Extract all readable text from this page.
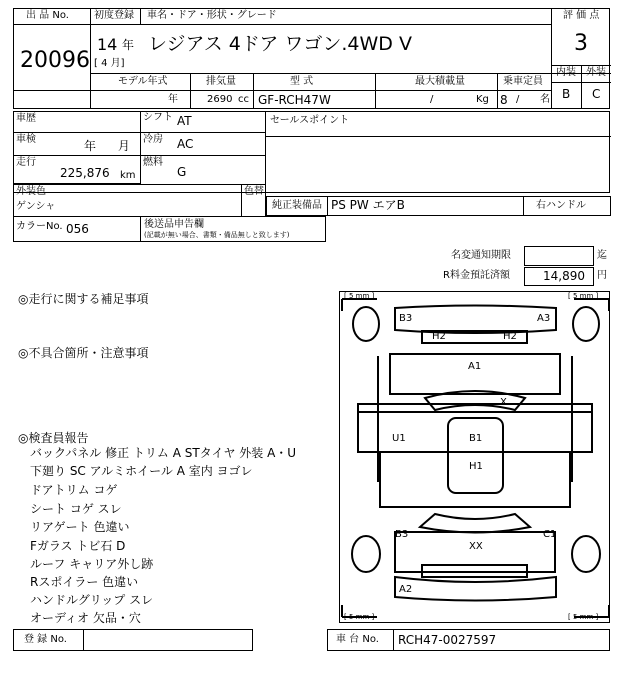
出 品 No.
20096
初度登録 車名・ドア・形状・グレード	評 価 点
14 年
[ 4 月]
レジアス 4ドア ワゴン.4WD V	3
内装 外装
B C
モデル年式	排気量	型 式	最大積載量	乗車定員
年	2690 cc GF-RCH47W	/	Kg 8 / 名
車歴	シフト AT	セールスポイント
車検	年 月 冷房 AC
走行
225,876 km
燃料
G
外装色
ゲンシャ
色替
純正装備品 PS PW エアB	右ハンドル
カラーNo. 056	後送品申告欄
(記載が無い場合、書類・備品無しと致します)
名変通知期限	迄
R料金預託済額	14,890 円
◎走行に関する補足事項
◎不具合箇所・注意事項
◎検査員報告
バックパネル 修正 トリム A STタイヤ 外装 A・U
下廻り SC アルミホイール A 室内 ヨゴレ
ドアトリム コゲ
シート コゲ スレ
リアゲート 色違い
Fガラス トビ石 D
ルーフ キャリア外し跡
Rスポイラー 色違い
ハンドルグリップ スレ
オーディオ 欠品・穴
[ 5 mm ]	[ 5 mm ]
[ 5 mm ]	[ 5 mm ]
B3	A3
H2	H2
A1
X
U1	B1
H1
B3	C1
XX
A2
登 録 No.	車 台 No. RCH47-0027597
